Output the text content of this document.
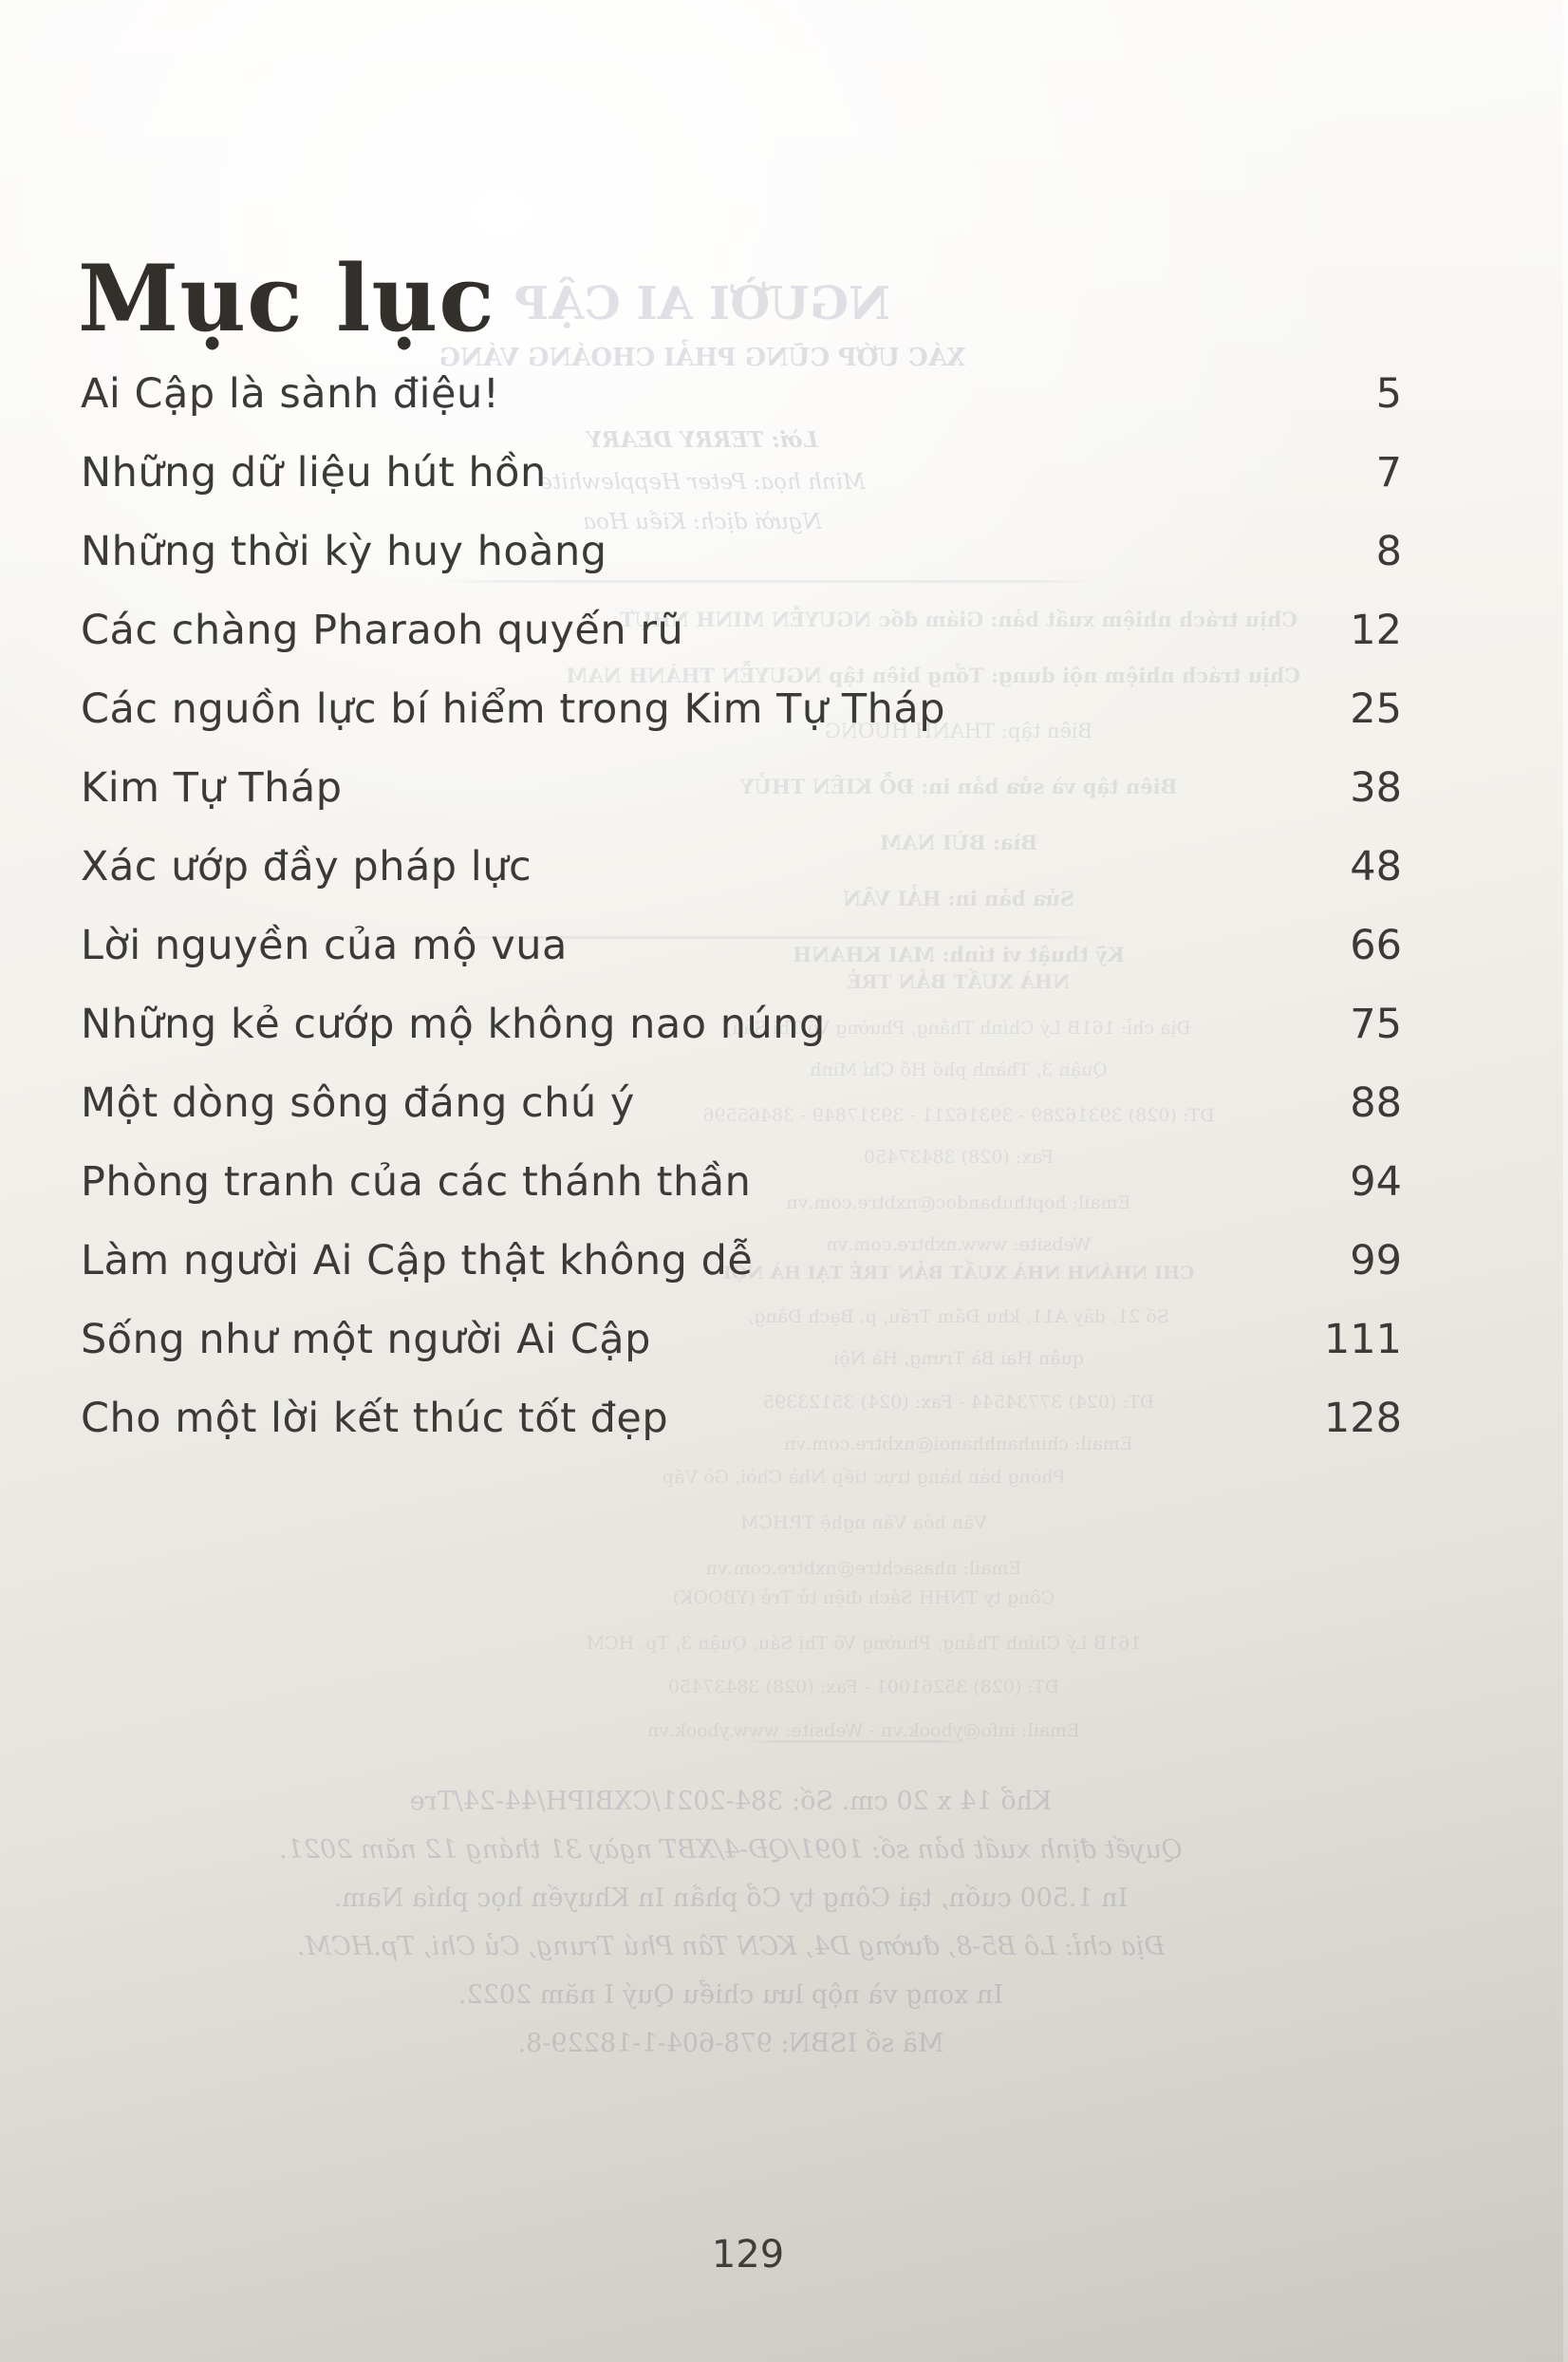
NGƯỜI AI CẬP
XÁC ƯỚP CŨNG PHẢI CHOÁNG VÁNG
Lời: TERRY DEARY
Minh họa: Peter Hepplewhite
Người dịch: Kiều Hoa
Chịu trách nhiệm xuất bản: Giám đốc NGUYỄN MINH NHỰT
Chịu trách nhiệm nội dung: Tổng biên tập NGUYỄN THÀNH NAM
Biên tập: THANH HƯƠNG
Biên tập và sửa bản in: ĐỖ KIÊN THỦY
Bìa: BÙI NAM
Sửa bản in: HẢI VÂN
Kỹ thuật vi tính: MAI KHANH
NHÀ XUẤT BẢN TRẺ
Địa chỉ: 161B Lý Chính Thắng, Phường Võ Thị Sáu,
Quận 3, Thành phố Hồ Chí Minh
ĐT: (028) 39316289 - 39316211 - 39317849 - 38465596
Fax: (028) 38437450
Email: hopthubandoc@nxbtre.com.vn
Website: www.nxbtre.com.vn
CHI NHÁNH NHÀ XUẤT BẢN TRẺ TẠI HÀ NỘI
Số 21, dãy A11, khu Đầm Trấu, p. Bạch Đằng,
quận Hai Bà Trưng, Hà Nội
ĐT: (024) 37734544 - Fax: (024) 35123395
Email: chinhanhhanoi@nxbtre.com.vn
Phòng bán hàng trực tiếp Nhà Chòi, Gò Vấp
Văn hóa Văn nghệ TP.HCM
Email: nhasachtre@nxbtre.com.vn
Công ty TNHH Sách điện tử Trẻ (YBOOK)
161B Lý Chính Thắng, Phường Võ Thị Sáu, Quận 3, Tp. HCM
ĐT: (028) 35261001 - Fax: (028) 38437450
Email: info@ybook.vn - Website: www.ybook.vn
Khổ 14 x 20 cm. Số: 384-2021/CXBIPH/44-24/Tre
Quyết định xuất bản số: 1091/QĐ-4/XBT ngày 31 tháng 12 năm 2021.
In 1.500 cuốn, tại Công ty Cổ phần In Khuyến học phía Nam.
Địa chỉ: Lô B5-8, đường D4, KCN Tân Phú Trung, Củ Chi, Tp.HCM.
In xong và nộp lưu chiểu Quý I năm 2022.
Mã số ISBN: 978-604-1-18229-8.
Mục lục
Ai Cập là sành điệu!	5
Những dữ liệu hút hồn	7
Những thời kỳ huy hoàng	8
Các chàng Pharaoh quyến rũ	12
Các nguồn lực bí hiểm trong Kim Tự Tháp	25
Kim Tự Tháp	38
Xác ướp đầy pháp lực	48
Lời nguyền của mộ vua	66
Những kẻ cướp mộ không nao núng	75
Một dòng sông đáng chú ý	88
Phòng tranh của các thánh thần	94
Làm người Ai Cập thật không dễ	99
Sống như một người Ai Cập	111
Cho một lời kết thúc tốt đẹp	128
129
